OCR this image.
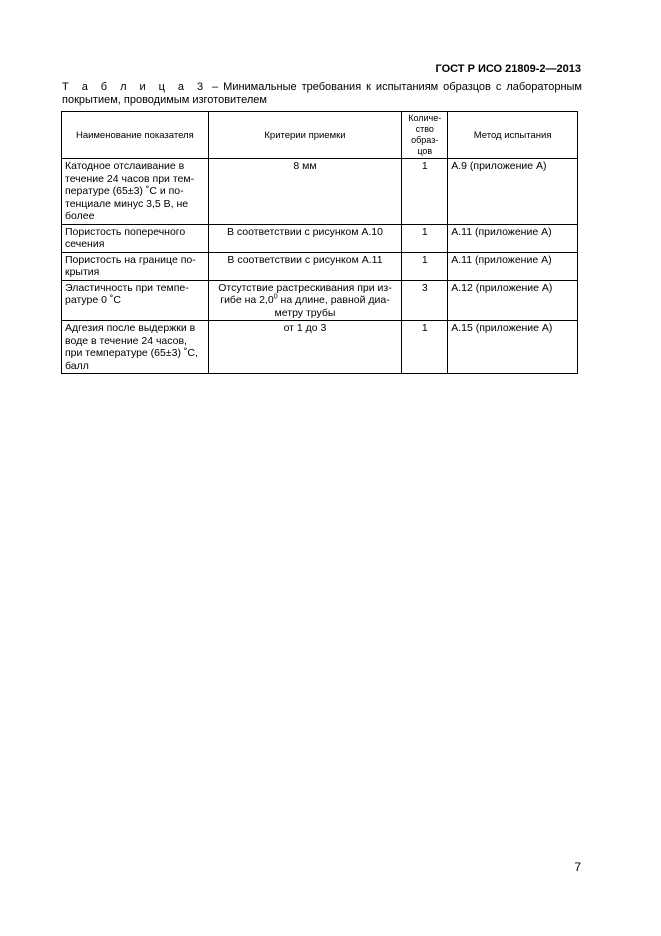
ГОСТ Р ИСО 21809-2—2013
Т а б л и ц а 3 – Минимальные требования к испытаниям образцов с лабораторным покрытием, проводимым изготовителем
Наименование показателя	Критерии приемки	Количе-
ство
образ-
цов	Метод испытания
Катодное отслаивание в течение 24 часов при тем-пературе (65±3) ˚С и по-тенциале минус 3,5 В, не более	8 мм	1	А.9 (приложение А)
Пористость поперечного сечения	В соответствии с рисунком А.10	1	А.11 (приложение А)
Пористость на границе по-крытия	В соответствии с рисунком А.11	1	А.11 (приложение А)
Эластичность при темпе-ратуре 0 ˚С	Отсутствие растрескивания при из-гибе на $2,0^0$ на длине, равной диа-метру трубы	3	А.12 (приложение А)
Адгезия после выдержки в воде в течение 24 часов, при температуре (65±3) ˚С, балл	от 1 до 3	1	А.15 (приложение А)
7
